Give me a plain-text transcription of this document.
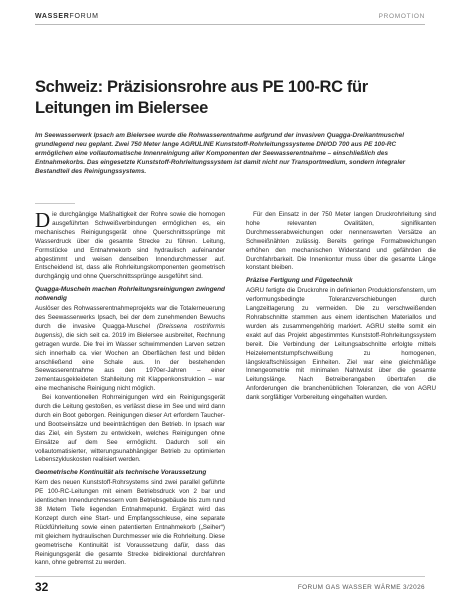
WASSERFORUM	PROMOTION
Schweiz: Präzisionsrohre aus PE 100-RC für Leitungen im Bielersee

Im Seewasserwerk Ipsach am Bielersee wurde die Rohwasserentnahme aufgrund der invasiven Quagga-Dreikantmuschel grundlegend neu geplant. Zwei 750 Meter lange AGRULINE Kunststoff-Rohrleitungssysteme DN/OD 700 aus PE 100-RC ermöglichen eine vollautomatische Innenreinigung aller Komponenten der Seewasserentnahme – einschließlich des Entnahmekorbs. Das eingesetzte Kunststoff-Rohrleitungssystem ist damit nicht nur Transportmedium, sondern integraler Bestandteil des Reinigungssystems.

Die durchgängige Maßhaltigkeit der Rohre sowie die homogen ausgeführten Schweißverbindungen ermöglichen es, ein mechanisches Reinigungsgerät ohne Querschnittssprünge mit Wasserdruck über die gesamte Strecke zu führen. Leitung, Formstücke und Entnahmekorb sind hydraulisch aufeinander abgestimmt und weisen denselben Innendurchmesser auf. Entscheidend ist, dass alle Rohrleitungskomponenten geometrisch durchgängig und ohne Querschnittssprünge ausgeführt sind.

Quagga-Muscheln machen Rohrleitungsreinigungen zwingend notwendig

Auslöser des Rohwasserentnahmeprojekts war die Totalerneuerung des Seewasserwerks Ipsach, bei der dem zunehmenden Bewuchs durch die invasive Quagga-Muschel (Dreissena rostriformis bugensis), die sich seit ca. 2019 im Bielersee ausbreitet, Rechnung getragen wurde. Die frei im Wasser schwimmenden Larven setzen sich innerhalb ca. vier Wochen an Oberflächen fest und bilden anschließend eine Schale aus. In der bestehenden Seewasserentnahme aus den 1970er-Jahren – einer zementausgekleideten Stahlleitung mit Klappenkonstruktion – war eine mechanische Reinigung nicht möglich.

Bei konventionellen Rohrreinigungen wird ein Reinigungsgerät durch die Leitung gestoßen, es verlässt diese im See und wird dann durch ein Boot geborgen. Reinigungen dieser Art erfordern Taucher- und Bootseinsätze und beeinträchtigen den Betrieb. In Ipsach war das Ziel, ein System zu entwickeln, welches Reinigungen ohne Einsätze auf dem See ermöglicht. Dadurch soll ein vollautomatisierter, witterungsunabhängiger Betrieb zu optimierten Lebenszykluskosten realisiert werden.

Geometrische Kontinuität als technische Voraussetzung

Kern des neuen Kunststoff-Rohrsystems sind zwei parallel geführte PE 100-RC-Leitungen mit einem Betriebsdruck von 2 bar und identischen Innendurchmessern vom Betriebsgebäude bis zum rund 38 Metern Tiefe liegenden Entnahmepunkt. Ergänzt wird das Konzept durch eine Start- und Empfangsschleuse, eine separate Rückführleitung sowie einen patentierten Entnahmekorb („Seiher“) mit gleichem hydraulischen Durchmesser wie die Rohrleitung. Diese geometrische Kontinuität ist Voraussetzung dafür, dass das Reinigungsgerät die gesamte Strecke bidirektional durchfahren kann, ohne gebremst zu werden.

Für den Einsatz in der 750 Meter langen Druckrohrleitung sind hohe relevanten Ovalitäten, signifikanten Durchmesserabweichungen oder nennenswerten Versätze an Schweißnähten zulässig. Bereits geringe Formabweichungen erhöhen den mechanischen Widerstand und gefährden die Durchfahrbarkeit. Die Innenkontur muss über die gesamte Länge konstant bleiben.

Präzise Fertigung und Fügetechnik

AGRU fertigte die Druckrohre in definierten Produktionsfenstern, um verformungsbedingte Toleranzverschiebungen durch Langzeitlagerung zu vermeiden. Die zu verschweißenden Rohrabschnitte stammen aus einem identischen Materiallos und wurden als zusammengehörig markiert. AGRU stellte somit ein exakt auf das Projekt abgestimmtes Kunststoff-Rohrleitungssystem bereit. Die Verbindung der Leitungsabschnitte erfolgte mittels Heizelementstumpfschweißung zu homogenen, längskraftschlüssigen Einheiten. Ziel war eine gleichmäßige Innengeometrie mit minimalen Nahtwulst über die gesamte Leitungslänge. Nach Betreiberangaben übertrafen die Anforderungen die branchenüblichen Toleranzen, die von AGRU dank sorgfältiger Vorbereitung eingehalten wurden.

32	FORUM GAS WASSER WÄRME 3/2026
